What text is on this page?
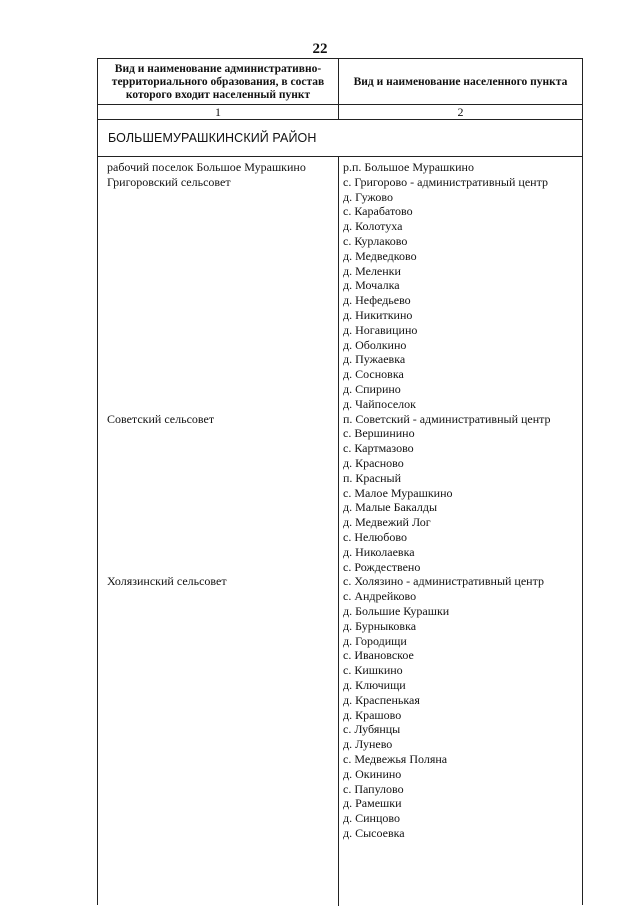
22
Вид и наименование административно-территориального образования, в состав которого входит населенный пункт
Вид и наименование населенного пункта
1	2
БОЛЬШЕМУРАШКИНСКИЙ РАЙОН
рабочий поселок Большое Мурашкино	р.п. Большое Мурашкино
Григоровский сельсовет	с. Григорово - административный центр
д. Гужово
с. Карабатово
д. Колотуха
с. Курлаково
д. Медведково
д. Меленки
д. Мочалка
д. Нефедьево
д. Никиткино
д. Ногавицино
д. Оболкино
д. Пужаевка
д. Сосновка
д. Спирино
д. Чайпоселок
Советский сельсовет	п. Советский - административный центр
с. Вершинино
с. Картмазово
д. Красново
п. Красный
с. Малое Мурашкино
д. Малые Бакалды
д. Медвежий Лог
с. Нелюбово
д. Николаевка
с. Рождествено
Холязинский сельсовет	с. Холязино - административный центр
с. Андрейково
д. Большие Курашки
д. Бурныковка
д. Городищи
с. Ивановское
с. Кишкино
д. Ключищи
д. Краспенькая
д. Крашово
с. Лубянцы
д. Лунево
с. Медвежья Поляна
д. Окинино
с. Папулово
д. Рамешки
д. Синцово
д. Сысоевка
